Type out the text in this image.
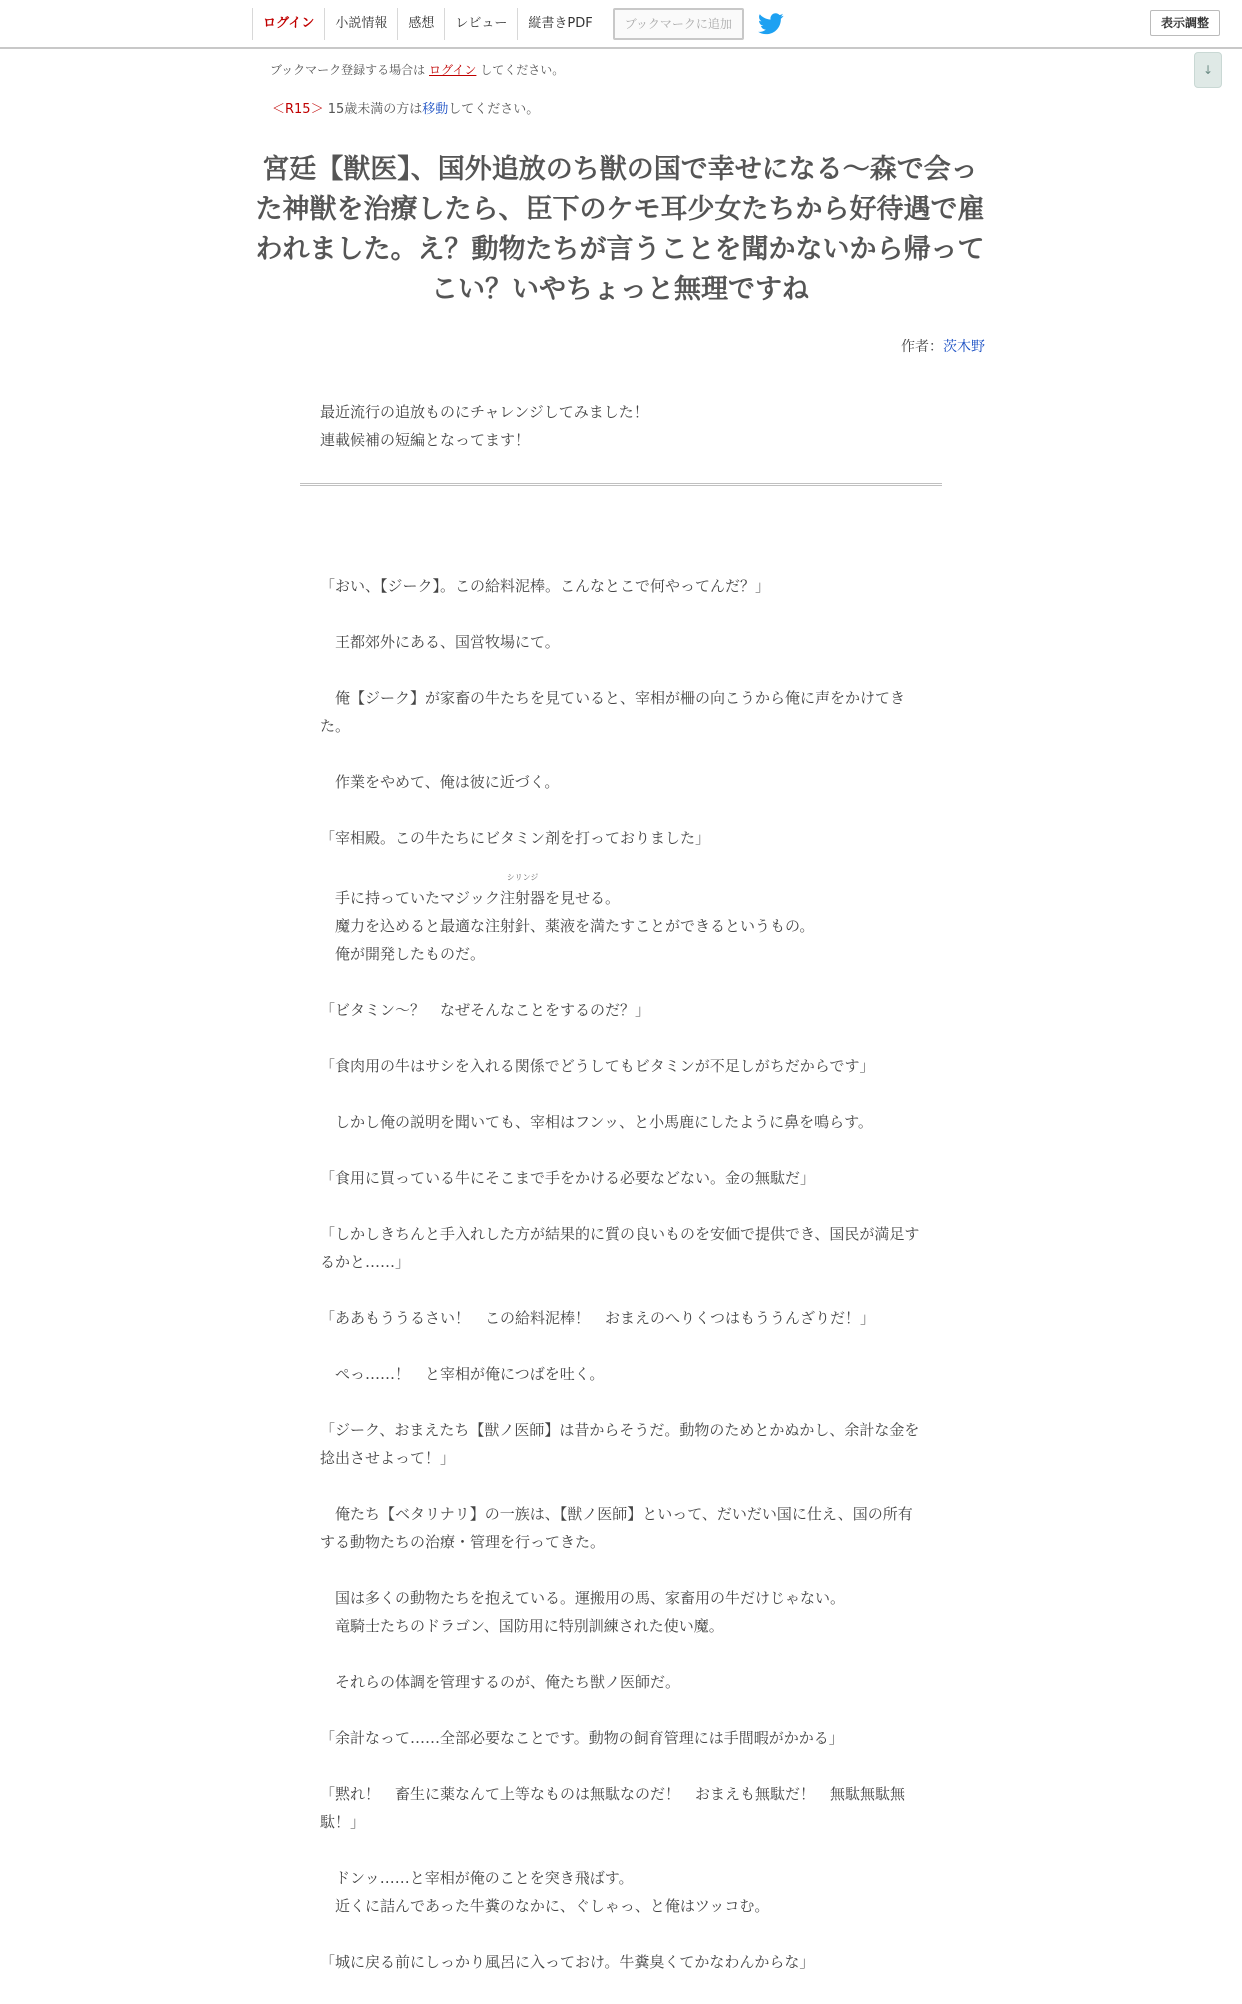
ログイン	小説情報	感想	レビュー	縦書きPDF	ブックマークに追加	表示調整
↓
ブックマーク登録する場合は ログイン してください。
＜R15＞ 15歳未満の方は移動してください。
宮廷【獣医】、国外追放のち獣の国で幸せになる～森で会った神獣を治療したら、臣下のケモ耳少女たちから好待遇で雇われました。え？動物たちが言うことを聞かないから帰ってこい？いやちょっと無理ですね
作者：茨木野

最近流行の追放ものにチャレンジしてみました！

連載候補の短編となってます！

「おい、【ジーク】。この給料泥棒。こんなとこで何やってんだ？」

　王都郊外にある、国営牧場にて。

　俺【ジーク】が家畜の牛たちを見ていると、宰相が柵の向こうから俺に声をかけてきた。

　作業をやめて、俺は彼に近づく。

「宰相殿。この牛たちにビタミン剤を打っておりました」

　手に持っていたマジック注射器
シリンジ
を見せる。
　魔力を込めると最適な注射針、薬液を満たすことができるというもの。
　俺が開発したものだ。

「ビタミン～？　なぜそんなことをするのだ？」

「食肉用の牛はサシを入れる関係でどうしてもビタミンが不足しがちだからです」

　しかし俺の説明を聞いても、宰相はフンッ、と小馬鹿にしたように鼻を鳴らす。

「食用に買っている牛にそこまで手をかける必要などない。金の無駄だ」

「しかしきちんと手入れした方が結果的に質の良いものを安価で提供でき、国民が満足するかと……」

「ああもううるさい！　この給料泥棒！　おまえのへりくつはもううんざりだ！」

　ぺっ……！　と宰相が俺につばを吐く。

「ジーク、おまえたち【獣ノ医師】は昔からそうだ。動物のためとかぬかし、余計な金を捻出させよって！」

　俺たち【ベタリナリ】の一族は、【獣ノ医師】といって、だいだい国に仕え、国の所有する動物たちの治療・管理を行ってきた。

　国は多くの動物たちを抱えている。運搬用の馬、家畜用の牛だけじゃない。
　竜騎士たちのドラゴン、国防用に特別訓練された使い魔。

　それらの体調を管理するのが、俺たち獣ノ医師だ。

「余計なって……全部必要なことです。動物の飼育管理には手間暇がかかる」

「黙れ！　畜生に薬なんて上等なものは無駄なのだ！　おまえも無駄だ！　無駄無駄無駄！」

　ドンッ……と宰相が俺のことを突き飛ばす。
　近くに詰んであった牛糞のなかに、ぐしゃっ、と俺はツッコむ。

「城に戻る前にしっかり風呂に入っておけ。牛糞臭くてかなわんからな」
